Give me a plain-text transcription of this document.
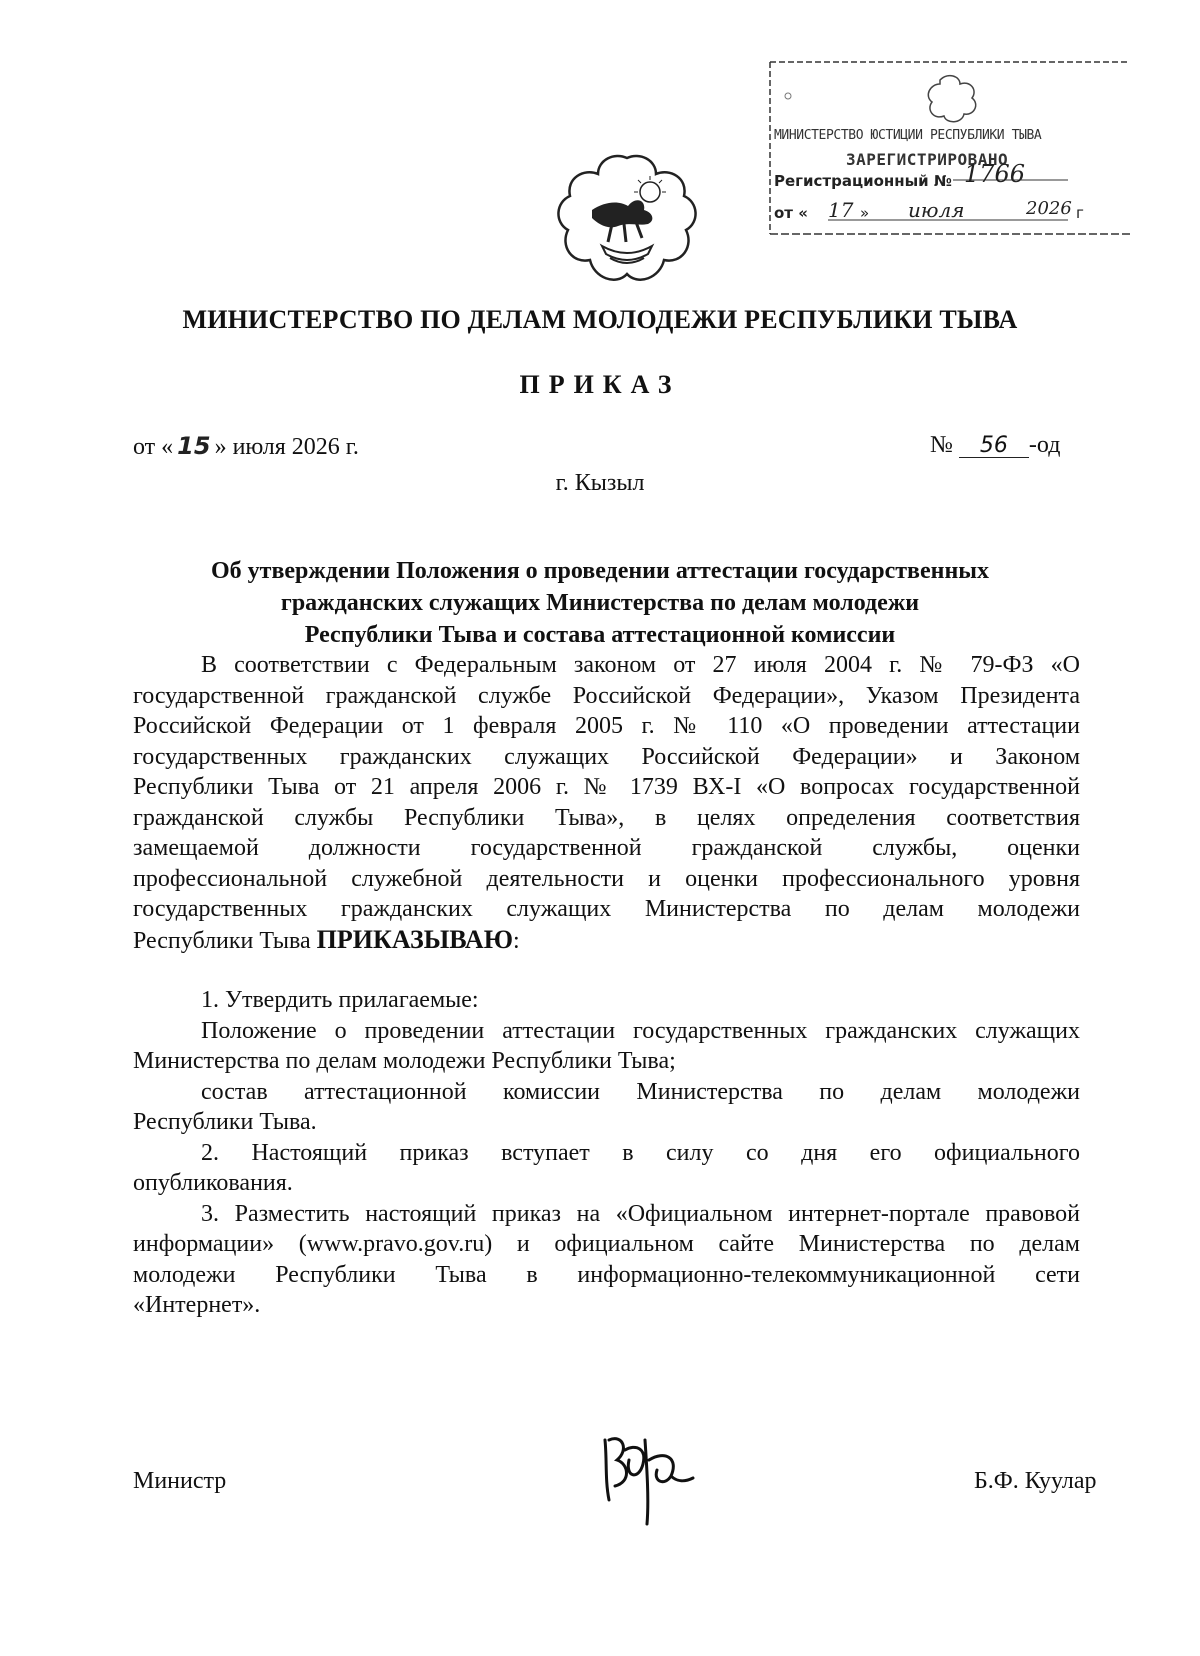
МИНИСТЕРСТВО ЮСТИЦИИ РЕСПУБЛИКИ ТЫВА
ЗАРЕГИСТРИРОВАНО
Регистрационный № 1766
от « 17 » июля	2026 г
МИНИСТЕРСТВО ПО ДЕЛАМ МОЛОДЕЖИ РЕСПУБЛИКИ ТЫВА
ПРИКАЗ
от « 15 » июля 2026 г.	№ 56 -од
г. Кызыл
Об утверждении Положения о проведении аттестации государственных
гражданских служащих Министерства по делам молодежи
Республики Тыва и состава аттестационной комиссии
В соответствии с Федеральным законом от 27 июля 2004 г. № 79-ФЗ «О
государственной гражданской службе Российской Федерации», Указом Президента
Российской Федерации от 1 февраля 2005 г. № 110 «О проведении аттестации
государственных гражданских служащих Российской Федерации» и Законом
Республики Тыва от 21 апреля 2006 г. № 1739 ВХ-I «О вопросах государственной
гражданской службы Республики Тыва», в целях определения соответствия
замещаемой должности государственной гражданской службы, оценки
профессиональной служебной деятельности и оценки профессионального уровня
государственных гражданских служащих Министерства по делам молодежи
Республики Тыва ПРИКАЗЫВАЮ:
1. Утвердить прилагаемые:
Положение о проведении аттестации государственных гражданских служащих
Министерства по делам молодежи Республики Тыва;
состав аттестационной комиссии Министерства по делам молодежи
Республики Тыва.
2. Настоящий приказ вступает в силу со дня его официального
опубликования.
3. Разместить настоящий приказ на «Официальном интернет-портале правовой
информации» (www.pravo.gov.ru) и официальном сайте Министерства по делам
молодежи Республики Тыва в информационно-телекоммуникационной сети
«Интернет».
Министр	Б.Ф. Куулар
